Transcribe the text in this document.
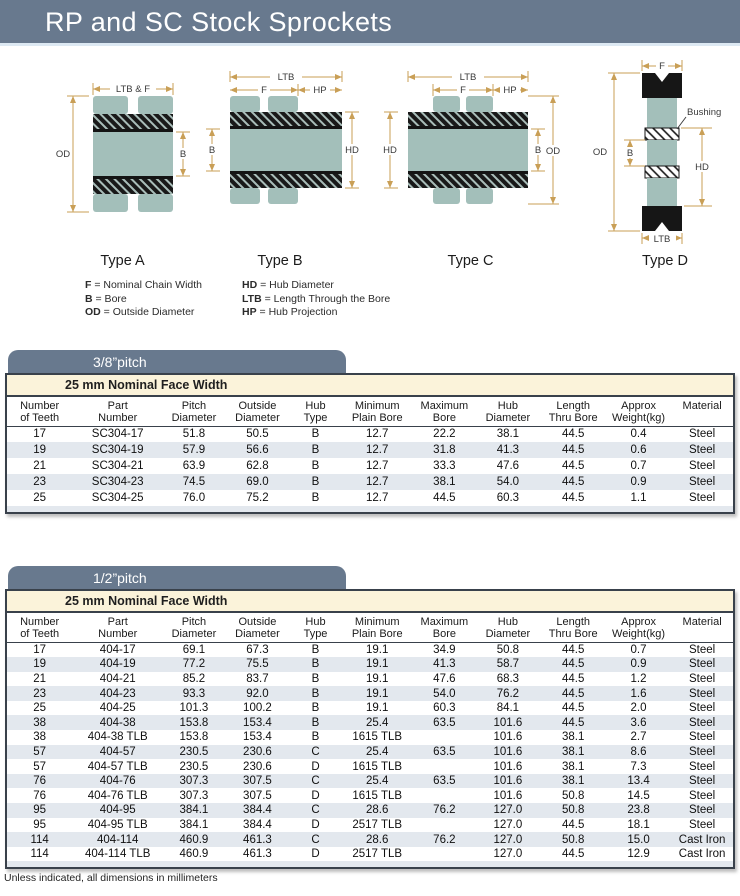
RP and SC Stock Sprockets
LTB & F
OD	B
Type A
LTB
F	HP
B	HD
Type B
LTB
F	HP
HD	B OD
Type C
Bushing
F
OD B
HD
LTB
Type D
F = Nominal Chain Width
B = Bore
OD = Outside Diameter
HD = Hub Diameter
LTB = Length Through the Bore
HP = Hub Projection
3/8”pitch
25 mm Nominal Face Width
Number
of Teeth

Part
Number

Pitch
Diameter

Outside
Diameter

Hub
Type

Minimum
Plain Bore

Maximum
Bore

Hub
Diameter

Length
Thru Bore

Approx
Weight(kg)

Material

17	SC304-17	51.8	50.5	B	12.7	22.2	38.1	44.5	0.4	Steel
19	SC304-19	57.9	56.6	B	12.7	31.8	41.3	44.5	0.6	Steel
21	SC304-21	63.9	62.8	B	12.7	33.3	47.6	44.5	0.7	Steel
23	SC304-23	74.5	69.0	B	12.7	38.1	54.0	44.5	0.9	Steel
25	SC304-25	76.0	75.2	B	12.7	44.5	60.3	44.5	1.1	Steel

1/2”pitch
25 mm Nominal Face Width
Number
of Teeth

Part
Number

Pitch
Diameter

Outside
Diameter

Hub
Type

Minimum
Plain Bore

Maximum
Bore

Hub
Diameter

Length
Thru Bore

Approx
Weight(kg)

Material

17	404-17	69.1	67.3	B	19.1	34.9	50.8	44.5	0.7	Steel
19	404-19	77.2	75.5	B	19.1	41.3	58.7	44.5	0.9	Steel
21	404-21	85.2	83.7	B	19.1	47.6	68.3	44.5	1.2	Steel
23	404-23	93.3	92.0	B	19.1	54.0	76.2	44.5	1.6	Steel
25	404-25	101.3	100.2	B	19.1	60.3	84.1	44.5	2.0	Steel
38	404-38	153.8	153.4	B	25.4	63.5	101.6	44.5	3.6	Steel
38	404-38 TLB	153.8	153.4	B	1615 TLB		101.6	38.1	2.7	Steel
57	404-57	230.5	230.6	C	25.4	63.5	101.6	38.1	8.6	Steel
57	404-57 TLB	230.5	230.6	D	1615 TLB		101.6	38.1	7.3	Steel
76	404-76	307.3	307.5	C	25.4	63.5	101.6	38.1	13.4	Steel
76	404-76 TLB	307.3	307.5	D	1615 TLB		101.6	50.8	14.5	Steel
95	404-95	384.1	384.4	C	28.6	76.2	127.0	50.8	23.8	Steel
95	404-95 TLB	384.1	384.4	D	2517 TLB		127.0	44.5	18.1	Steel
114	404-114	460.9	461.3	C	28.6	76.2	127.0	50.8	15.0	Cast Iron
114	404-114 TLB	460.9	461.3	D	2517 TLB		127.0	44.5	12.9	Cast Iron

Unless indicated, all dimensions in millimeters
